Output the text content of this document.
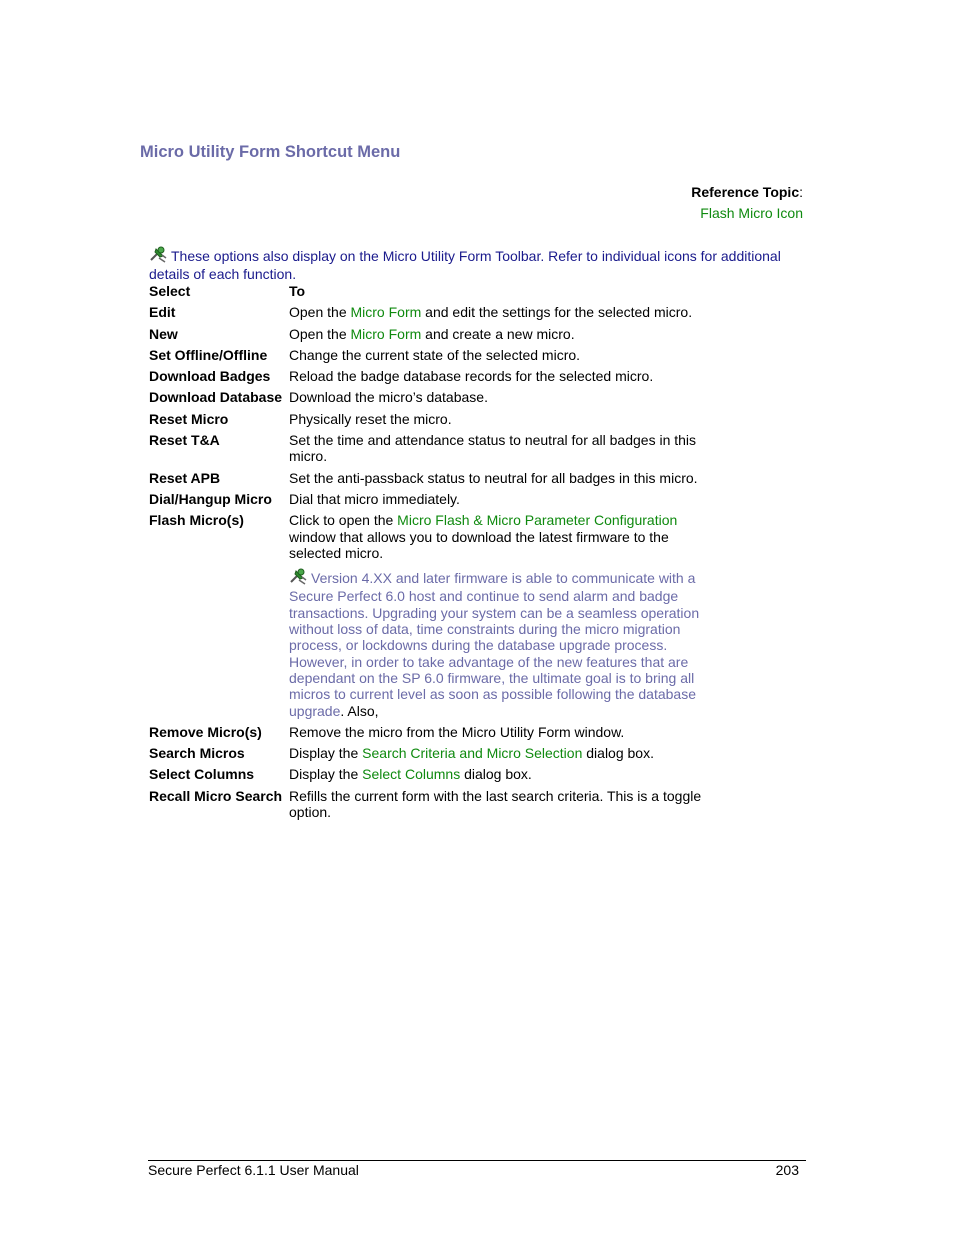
Micro Utility Form Shortcut Menu
Reference Topic:
Flash Micro Icon
These options also display on the Micro Utility Form Toolbar. Refer to individual icons for additional details of each function.
Select	To
Edit	Open the Micro Form and edit the settings for the selected micro.
New	Open the Micro Form and create a new micro.
Set Offline/Offline	Change the current state of the selected micro.
Download Badges	Reload the badge database records for the selected micro.
Download Database	Download the micro’s database.
Reset Micro	Physically reset the micro.
Reset T&A	Set the time and attendance status to neutral for all badges in this micro.
Reset APB	Set the anti-passback status to neutral for all badges in this micro.
Dial/Hangup Micro	Dial that micro immediately.
Flash Micro(s)	Click to open the Micro Flash & Micro Parameter Configuration window that allows you to download the latest firmware to the selected micro.
Version 4.XX and later firmware is able to communicate with a Secure Perfect 6.0 host and continue to send alarm and badge transactions. Upgrading your system can be a seamless operation without loss of data, time constraints during the micro migration process, or lockdowns during the database upgrade process. However, in order to take advantage of the new features that are dependant on the SP 6.0 firmware, the ultimate goal is to bring all micros to current level as soon as possible following the database upgrade. Also,

Remove Micro(s)	Remove the micro from the Micro Utility Form window.
Search Micros	Display the Search Criteria and Micro Selection dialog box.
Select Columns	Display the Select Columns dialog box.
Recall Micro Search	Refills the current form with the last search criteria. This is a toggle option.
Secure Perfect 6.1.1 User Manual	203
